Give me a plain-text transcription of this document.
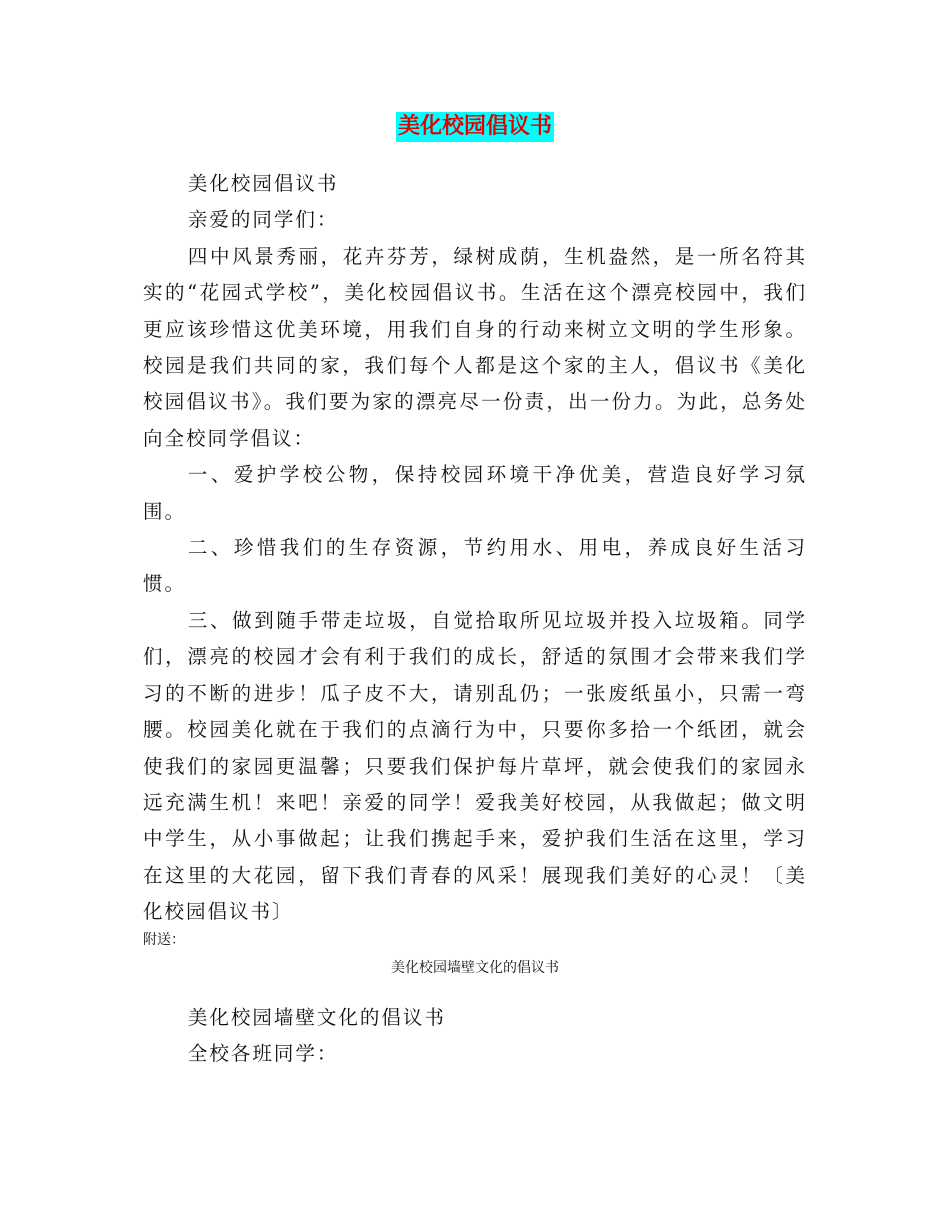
美化校园倡议书

美化校园倡议书

亲爱的同学们：

四中风景秀丽，花卉芬芳，绿树成荫，生机盎然，是一所名符其实的“花园式学校”，美化校园倡议书。生活在这个漂亮校园中，我们更应该珍惜这优美环境，用我们自身的行动来树立文明的学生形象。校园是我们共同的家，我们每个人都是这个家的主人，倡议书《美化校园倡议书》。我们要为家的漂亮尽一份责，出一份力。为此，总务处向全校同学倡议：

一、爱护学校公物，保持校园环境干净优美，营造良好学习氛围。

二、珍惜我们的生存资源，节约用水、用电，养成良好生活习惯。

三、做到随手带走垃圾，自觉拾取所见垃圾并投入垃圾箱。同学们，漂亮的校园才会有利于我们的成长，舒适的氛围才会带来我们学习的不断的进步！瓜子皮不大，请别乱仍；一张废纸虽小，只需一弯腰。校园美化就在于我们的点滴行为中，只要你多拾一个纸团，就会使我们的家园更温馨；只要我们保护每片草坪，就会使我们的家园永远充满生机！来吧！亲爱的同学！爱我美好校园，从我做起；做文明中学生，从小事做起；让我们携起手来，爱护我们生活在这里，学习在这里的大花园，留下我们青春的风采！展现我们美好的心灵！〔美化校园倡议书〕

附送：
美化校园墙壁文化的倡议书

美化校园墙壁文化的倡议书

全校各班同学：
